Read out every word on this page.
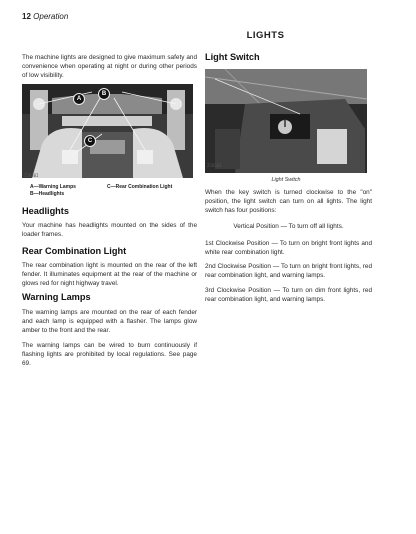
12 Operation
LIGHTS
The machine lights are designed to give maximum safety and convenience when operating at night or during other periods of low visibility.
B
A
C
Z2830I
A—Warning Lamps
B—Headlights
C—Rear Combination Light
Headlights
Your machine has headlights mounted on the sides of the loader frames.
Rear Combination Light
The rear combination light is mounted on the rear of the left fender. It illuminates equipment at the rear of the machine or glows red for night highway travel.
Warning Lamps
The warning lamps are mounted on the rear of each fender and each lamp is equipped with a flasher. The lamps glow amber to the front and the rear.
The warning lamps can be wired to burn continuously if flashing lights are prohibited by local regulations. See page 69.
Light Switch
Z2830I
Light Switch
When the key switch is turned clockwise to the "on" position, the light switch can turn on all lights. The light switch has four positions:
Vertical Position — To turn off all lights.
1st Clockwise Position — To turn on bright front lights and white rear combination light.
2nd Clockwise Position — To turn on bright front lights, red rear combination light, and warning lamps.
3rd Clockwise Position — To turn on dim front lights, red rear combination light, and warning lamps.
